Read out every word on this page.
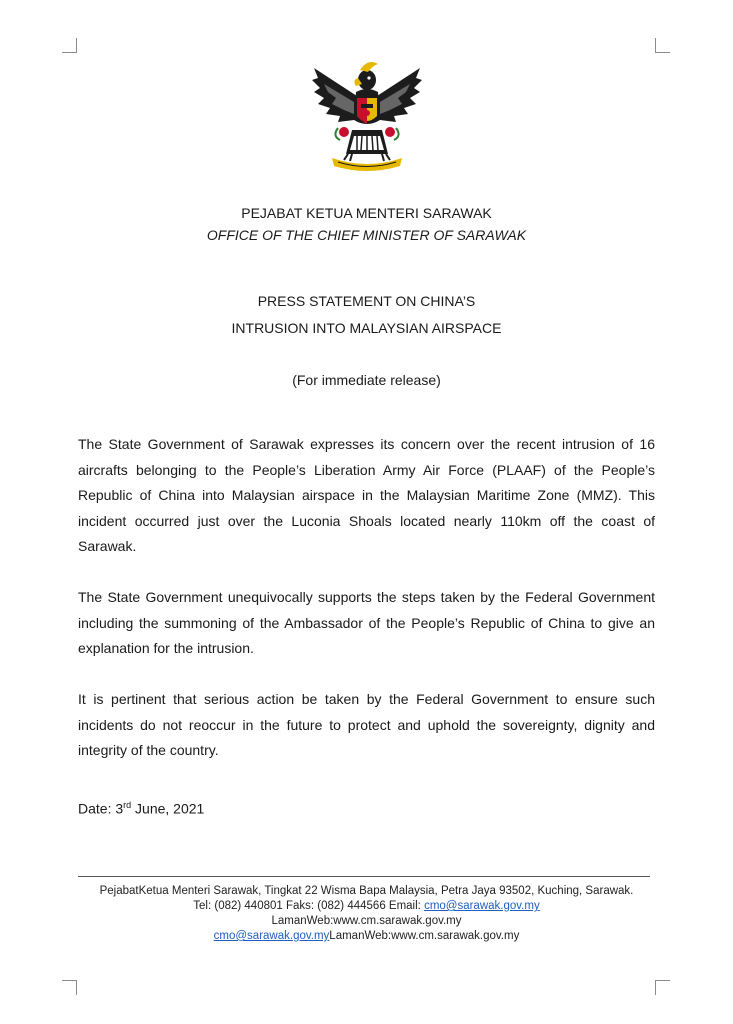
PEJABAT KETUA MENTERI SARAWAK
OFFICE OF THE CHIEF MINISTER OF SARAWAK
PRESS STATEMENT ON CHINA’S
INTRUSION INTO MALAYSIAN AIRSPACE
(For immediate release)
The State Government of Sarawak expresses its concern over the recent intrusion of 16 aircrafts belonging to the People’s Liberation Army Air Force (PLAAF) of the People’s Republic of China into Malaysian airspace in the Malaysian Maritime Zone (MMZ). This incident occurred just over the Luconia Shoals located nearly 110km off the coast of Sarawak.
The State Government unequivocally supports the steps taken by the Federal Government including the summoning of the Ambassador of the People’s Republic of China to give an explanation for the intrusion.
It is pertinent that serious action be taken by the Federal Government to ensure such incidents do not reoccur in the future to protect and uphold the sovereignty, dignity and integrity of the country.
Date: 3rd June, 2021
PejabatKetua Menteri Sarawak, Tingkat 22 Wisma Bapa Malaysia, Petra Jaya 93502, Kuching, Sarawak.
Tel: (082) 440801 Faks: (082) 444566 Email: cmo@sarawak.gov.my
LamanWeb:www.cm.sarawak.gov.my
cmo@sarawak.gov.myLamanWeb:www.cm.sarawak.gov.my
